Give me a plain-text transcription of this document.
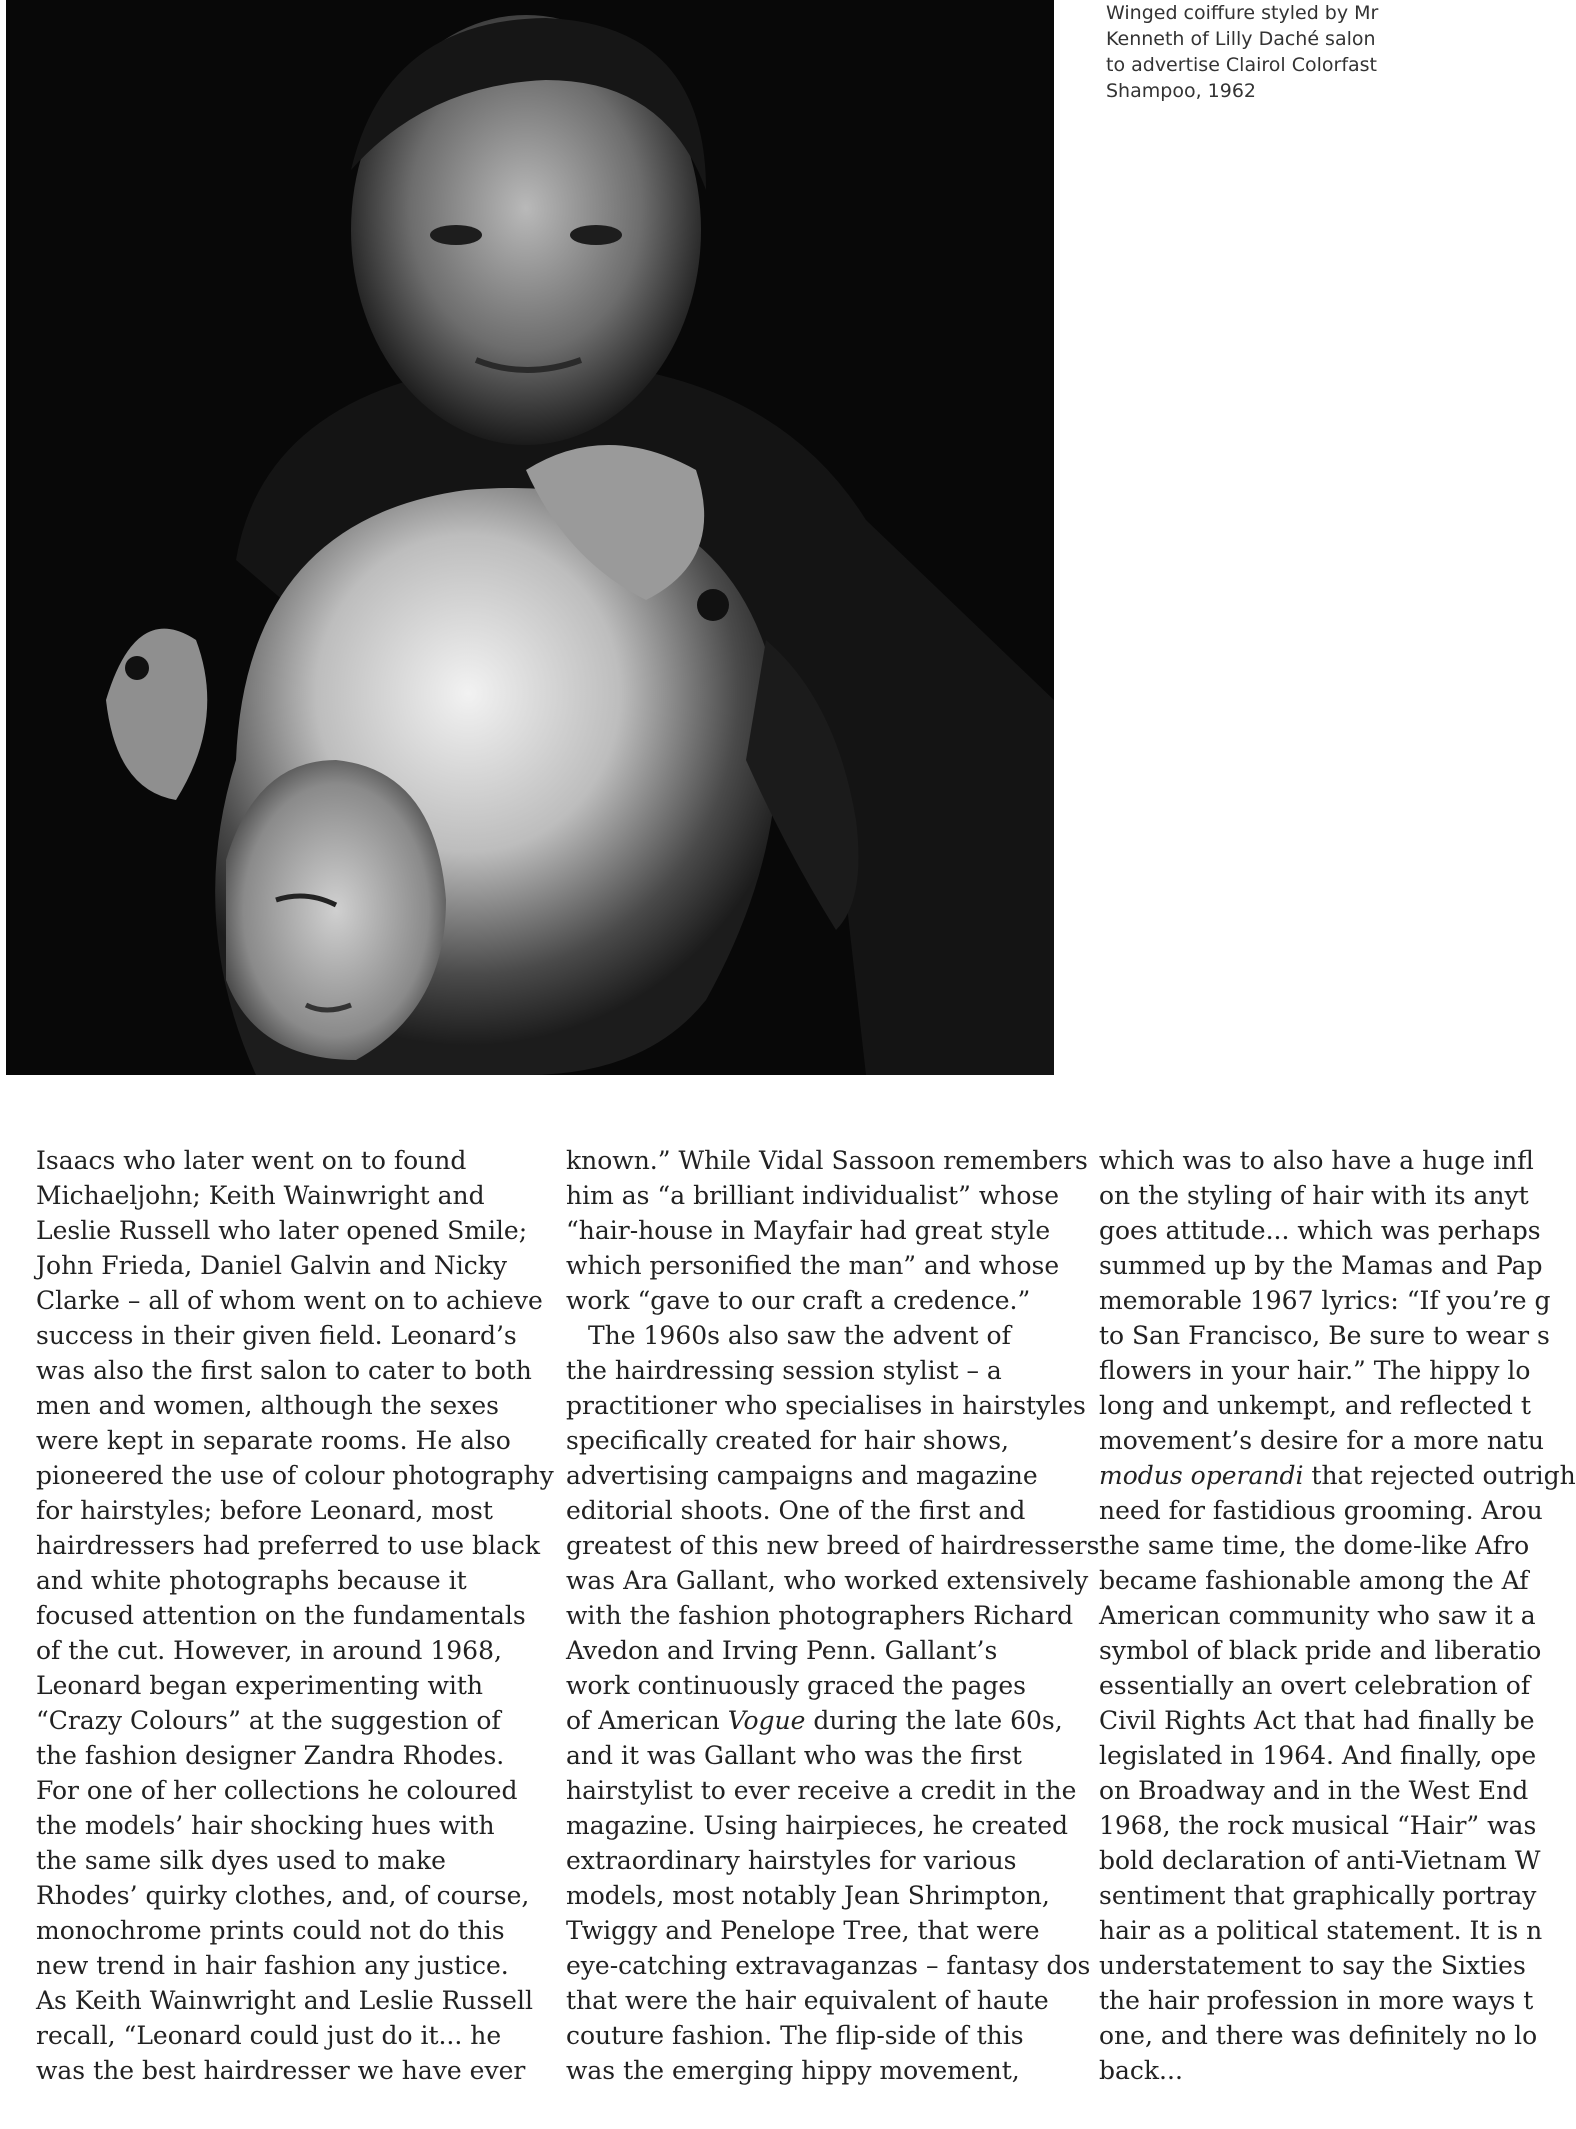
Winged coiffure styled by Mr
Kenneth of Lilly Daché salon
to advertise Clairol Colorfast
Shampoo, 1962
Isaacs who later went on to found
Michaeljohn; Keith Wainwright and
Leslie Russell who later opened Smile;
John Frieda, Daniel Galvin and Nicky
Clarke – all of whom went on to achieve
success in their given field. Leonard’s
was also the first salon to cater to both
men and women, although the sexes
were kept in separate rooms. He also
pioneered the use of colour photography
for hairstyles; before Leonard, most
hairdressers had preferred to use black
and white photographs because it
focused attention on the fundamentals
of the cut. However, in around 1968,
Leonard began experimenting with
“Crazy Colours” at the suggestion of
the fashion designer Zandra Rhodes.
For one of her collections he coloured
the models’ hair shocking hues with
the same silk dyes used to make
Rhodes’ quirky clothes, and, of course,
monochrome prints could not do this
new trend in hair fashion any justice.
As Keith Wainwright and Leslie Russell
recall, “Leonard could just do it... he
was the best hairdresser we have ever
known.” While Vidal Sassoon remembers
him as “a brilliant individualist” whose
“hair-house in Mayfair had great style
which personified the man” and whose
work “gave to our craft a credence.”
The 1960s also saw the advent of
the hairdressing session stylist – a
practitioner who specialises in hairstyles
specifically created for hair shows,
advertising campaigns and magazine
editorial shoots. One of the first and
greatest of this new breed of hairdressers
was Ara Gallant, who worked extensively
with the fashion photographers Richard
Avedon and Irving Penn. Gallant’s
work continuously graced the pages
of American Vogue during the late 60s,
and it was Gallant who was the first
hairstylist to ever receive a credit in the
magazine. Using hairpieces, he created
extraordinary hairstyles for various
models, most notably Jean Shrimpton,
Twiggy and Penelope Tree, that were
eye-catching extravaganzas – fantasy dos
that were the hair equivalent of haute
couture fashion. The flip-side of this
was the emerging hippy movement,
which was to also have a huge infl
on the styling of hair with its anyt
goes attitude... which was perhaps
summed up by the Mamas and Pap
memorable 1967 lyrics: “If you’re g
to San Francisco, Be sure to wear s
flowers in your hair.” The hippy lo
long and unkempt, and reflected t
movement’s desire for a more natu
modus operandi that rejected outrigh
need for fastidious grooming. Arou
the same time, the dome-like Afro
became fashionable among the Af
American community who saw it a
symbol of black pride and liberatio
essentially an overt celebration of
Civil Rights Act that had finally be
legislated in 1964. And finally, ope
on Broadway and in the West End
1968, the rock musical “Hair” was
bold declaration of anti-Vietnam W
sentiment that graphically portray
hair as a political statement. It is n
understatement to say the Sixties
the hair profession in more ways t
one, and there was definitely no lo
back...
